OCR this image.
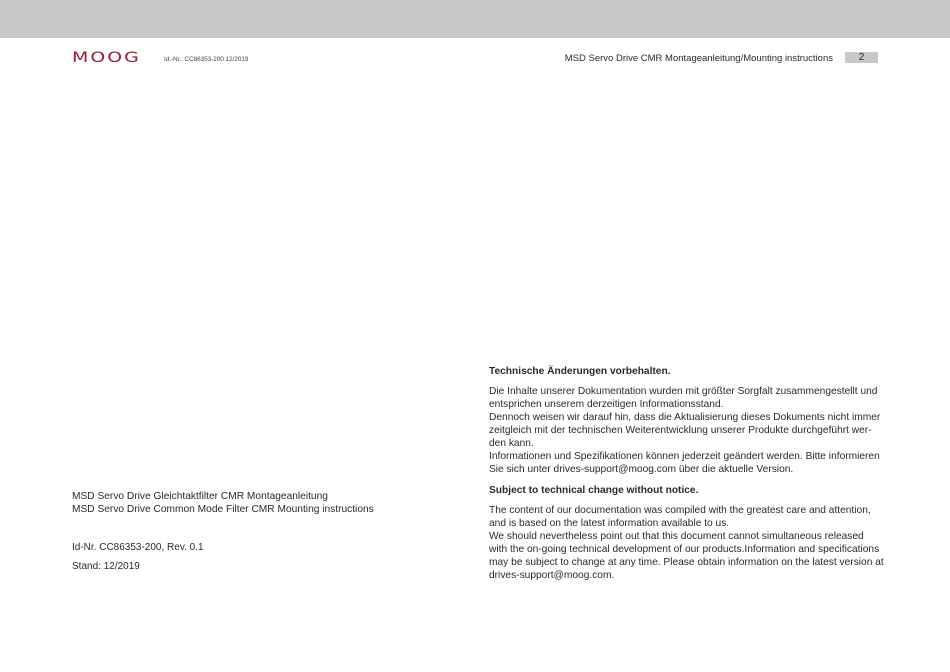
MOOG	Id.-Nr.: CC86353-200 12/2019	MSD Servo Drive CMR Montageanleitung/Mounting instructions	2
MSD Servo Drive Gleichtaktfilter CMR Montageanleitung
MSD Servo Drive Common Mode Filter CMR Mounting instructions
Id-Nr. CC86353-200, Rev. 0.1
Stand: 12/2019
Technische Änderungen vorbehalten.
Die Inhalte unserer Dokumentation wurden mit größter Sorgfalt zusammengestellt und
entsprichen unserem derzeitigen Informationsstand.
Dennoch weisen wir darauf hin, dass die Aktualisierung dieses Dokuments nicht immer
zeitgleich mit der technischen Weiterentwicklung unserer Produkte durchgeführt wer-
den kann.
Informationen und Spezifikationen können jederzeit geändert werden. Bitte informieren
Sie sich unter drives-support@moog.com über die aktuelle Version.
Subject to technical change without notice.
The content of our documentation was compiled with the greatest care and attention,
and is based on the latest information available to us.
We should nevertheless point out that this document cannot simultaneous released
with the on-going technical development of our products.Information and specifications
may be subject to change at any time. Please obtain information on the latest version at
drives-support@moog.com.
